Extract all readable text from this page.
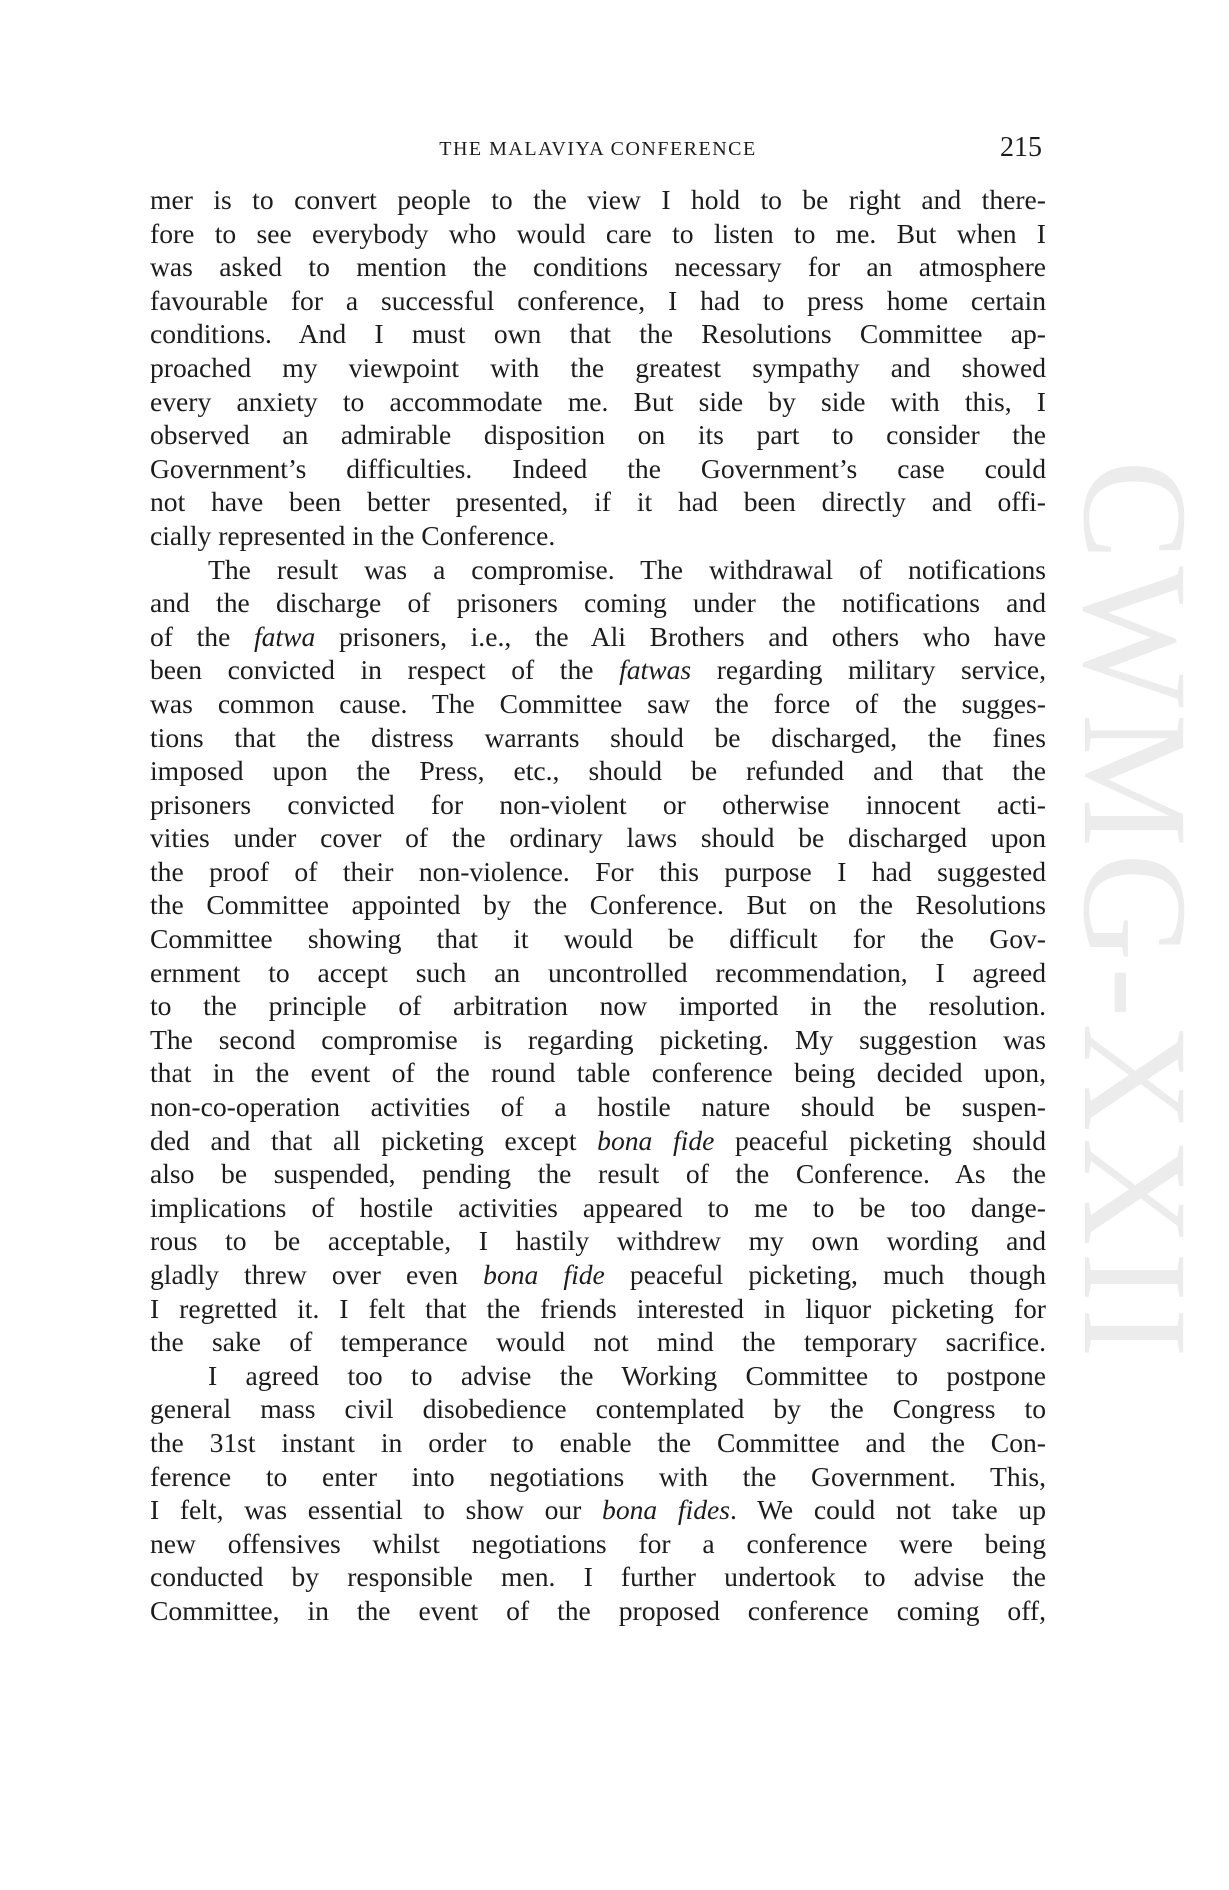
CWMG-XXII
THE MALAVIYA CONFERENCE	215
mer is to convert people to the view I hold to be right and there-
fore to see everybody who would care to listen to me. But when I
was asked to mention the conditions necessary for an atmosphere
favourable for a successful conference, I had to press home certain
conditions. And I must own that the Resolutions Committee ap-
proached my viewpoint with the greatest sympathy and showed
every anxiety to accommodate me. But side by side with this, I
observed an admirable disposition on its part to consider the
Government’s difficulties. Indeed the Government’s case could
not have been better presented, if it had been directly and offi-
cially represented in the Conference.
The result was a compromise. The withdrawal of notifications
and the discharge of prisoners coming under the notifications and
of the fatwa prisoners, i.e., the Ali Brothers and others who have
been convicted in respect of the fatwas regarding military service,
was common cause. The Committee saw the force of the sugges-
tions that the distress warrants should be discharged, the fines
imposed upon the Press, etc., should be refunded and that the
prisoners convicted for non-violent or otherwise innocent acti-
vities under cover of the ordinary laws should be discharged upon
the proof of their non-violence. For this purpose I had suggested
the Committee appointed by the Conference. But on the Resolutions
Committee showing that it would be difficult for the Gov-
ernment to accept such an uncontrolled recommendation, I agreed
to the principle of arbitration now imported in the resolution.
The second compromise is regarding picketing. My suggestion was
that in the event of the round table conference being decided upon,
non-co-operation activities of a hostile nature should be suspen-
ded and that all picketing except bona fide peaceful picketing should
also be suspended, pending the result of the Conference. As the
implications of hostile activities appeared to me to be too dange-
rous to be acceptable, I hastily withdrew my own wording and
gladly threw over even bona fide peaceful picketing, much though
I regretted it. I felt that the friends interested in liquor picketing for
the sake of temperance would not mind the temporary sacrifice.
I agreed too to advise the Working Committee to postpone
general mass civil disobedience contemplated by the Congress to
the 31st instant in order to enable the Committee and the Con-
ference to enter into negotiations with the Government. This,
I felt, was essential to show our bona fides. We could not take up
new offensives whilst negotiations for a conference were being
conducted by responsible men. I further undertook to advise the
Committee, in the event of the proposed conference coming off,
